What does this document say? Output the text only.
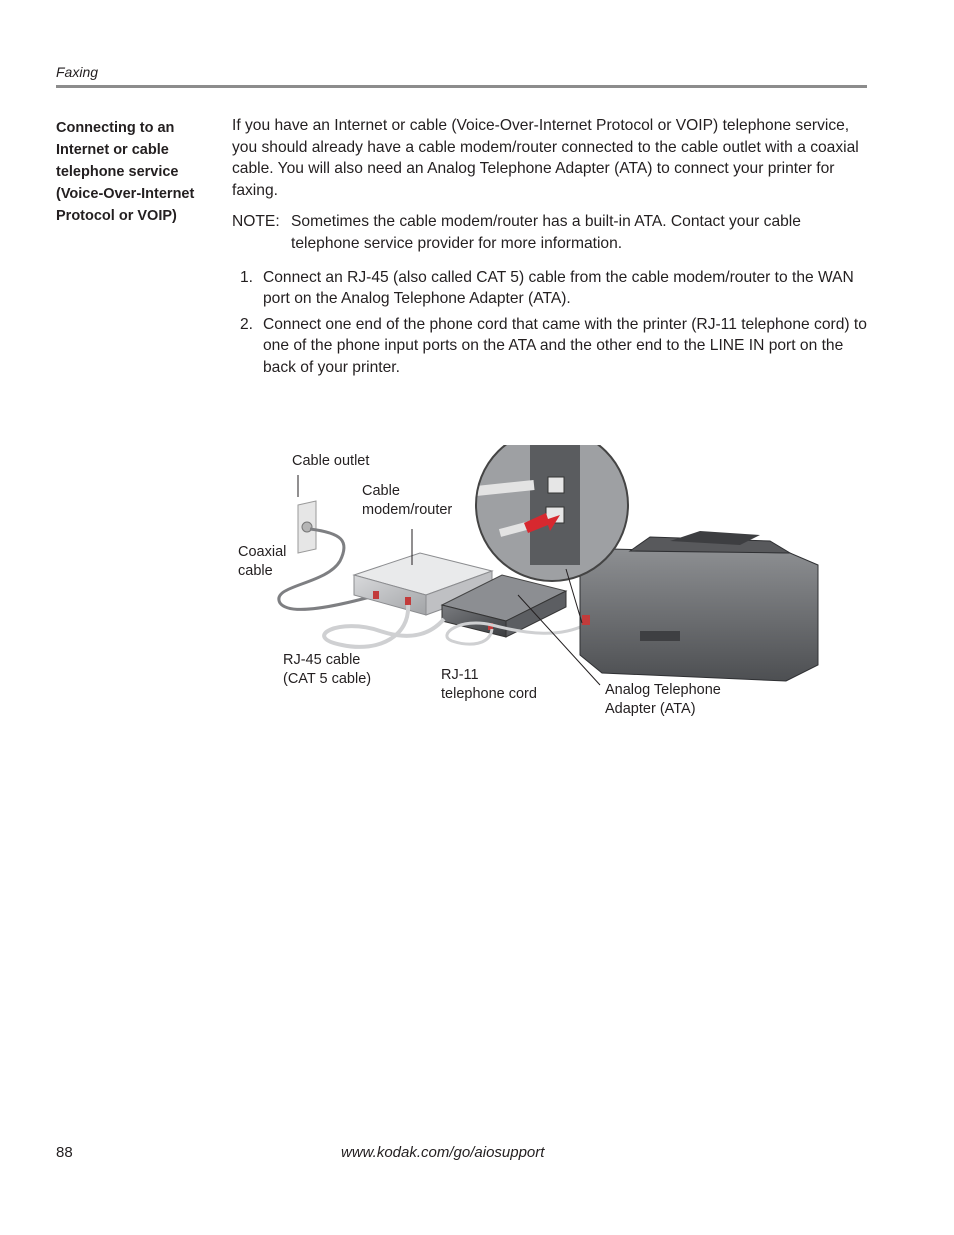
Faxing
Connecting to an
Internet or cable
telephone service
(Voice-Over-Internet
Protocol or VOIP)

If you have an Internet or cable (Voice-Over-Internet Protocol or VOIP) telephone service, you should already have a cable modem/router connected to the cable outlet with a coaxial cable. You will also need an Analog Telephone Adapter (ATA) to connect your printer for faxing.

NOTE: Sometimes the cable modem/router has a built-in ATA. Contact your cable telephone service provider for more information.
1. Connect an RJ-45 (also called CAT 5) cable from the cable modem/router to the WAN port on the Analog Telephone Adapter (ATA).
2. Connect one end of the phone cord that came with the printer (RJ-11 telephone cord) to one of the phone input ports on the ATA and the other end to the LINE IN port on the back of your printer.
Cable outlet
Cable
modem/router
Coaxial
cable
RJ-45 cable
(CAT 5 cable)	RJ-11
telephone cord	Analog Telephone
Adapter (ATA)
88	www.kodak.com/go/aiosupport
